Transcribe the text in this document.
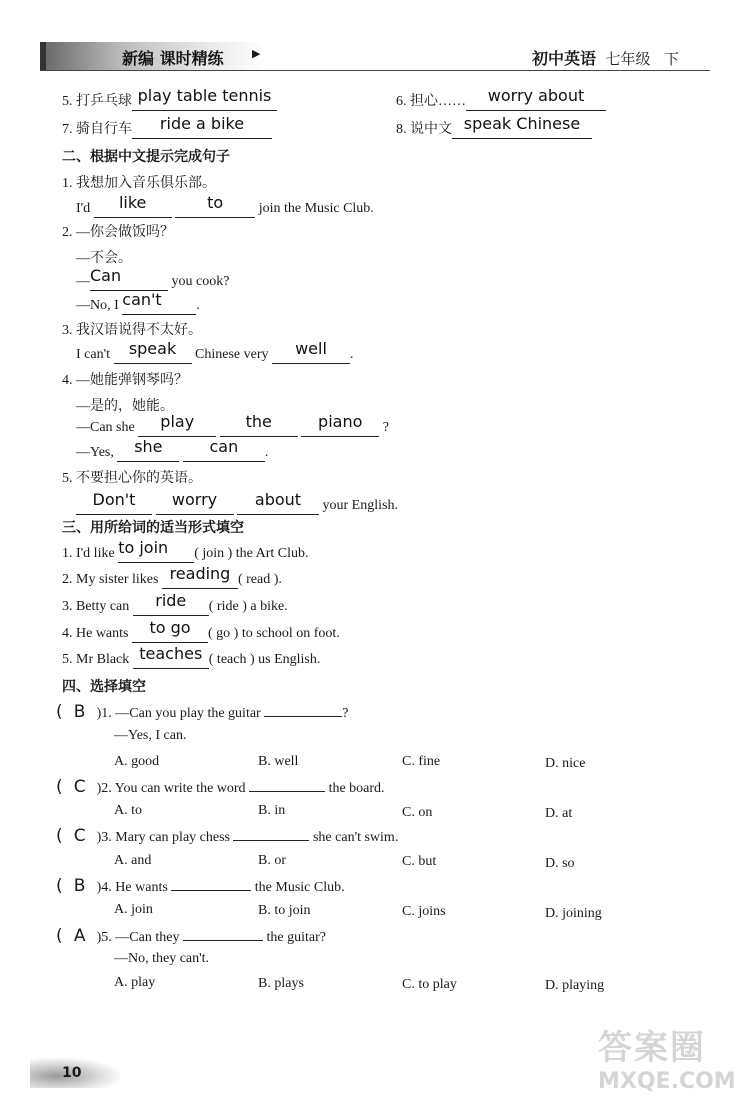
新编 课时精练	▶	初中英语 七年级 下
5. 打乒乓球 play table tennis	6. 担心…… worry about
7. 骑自行车 ride a bike	8. 说中文 speak Chinese
二、根据中文提示完成句子
1. 我想加入音乐俱乐部。
I'd like	to	join the Music Club.
2. —你会做饭吗？
—不会。
—Can	you cook?
—No, I can't .
3. 我汉语说得不太好。
I can't speak Chinese very well .
4. —她能弹钢琴吗？
—是的，她能。
—Can she play	the	piano ?
—Yes, she	can .
5. 不要担心你的英语。
Don't worry about your English.
三、用所给词的适当形式填空
1. I'd like to join ( join ) the Art Club.
2. My sister likes reading ( read ).
3. Betty can ride ( ride ) a bike.
4. He wants to go ( go ) to school on foot.
5. Mr Black teaches ( teach ) us English.
四、选择填空
( B )1. —Can you play the guitar	?
—Yes, I can.
A. good	B. well	C. fine	D. nice
( C )2. You can write the word	the board.
A. to	B. in	C. on	D. at
( C )3. Mary can play chess	she can't swim.
A. and	B. or	C. but	D. so
( B )4. He wants	the Music Club.
A. join	B. to join	C. joins	D. joining
( A )5. —Can they	the guitar?
—No, they can't.
A. play	B. plays	C. to play	D. playing
10
答案圈
MXQE.COM
